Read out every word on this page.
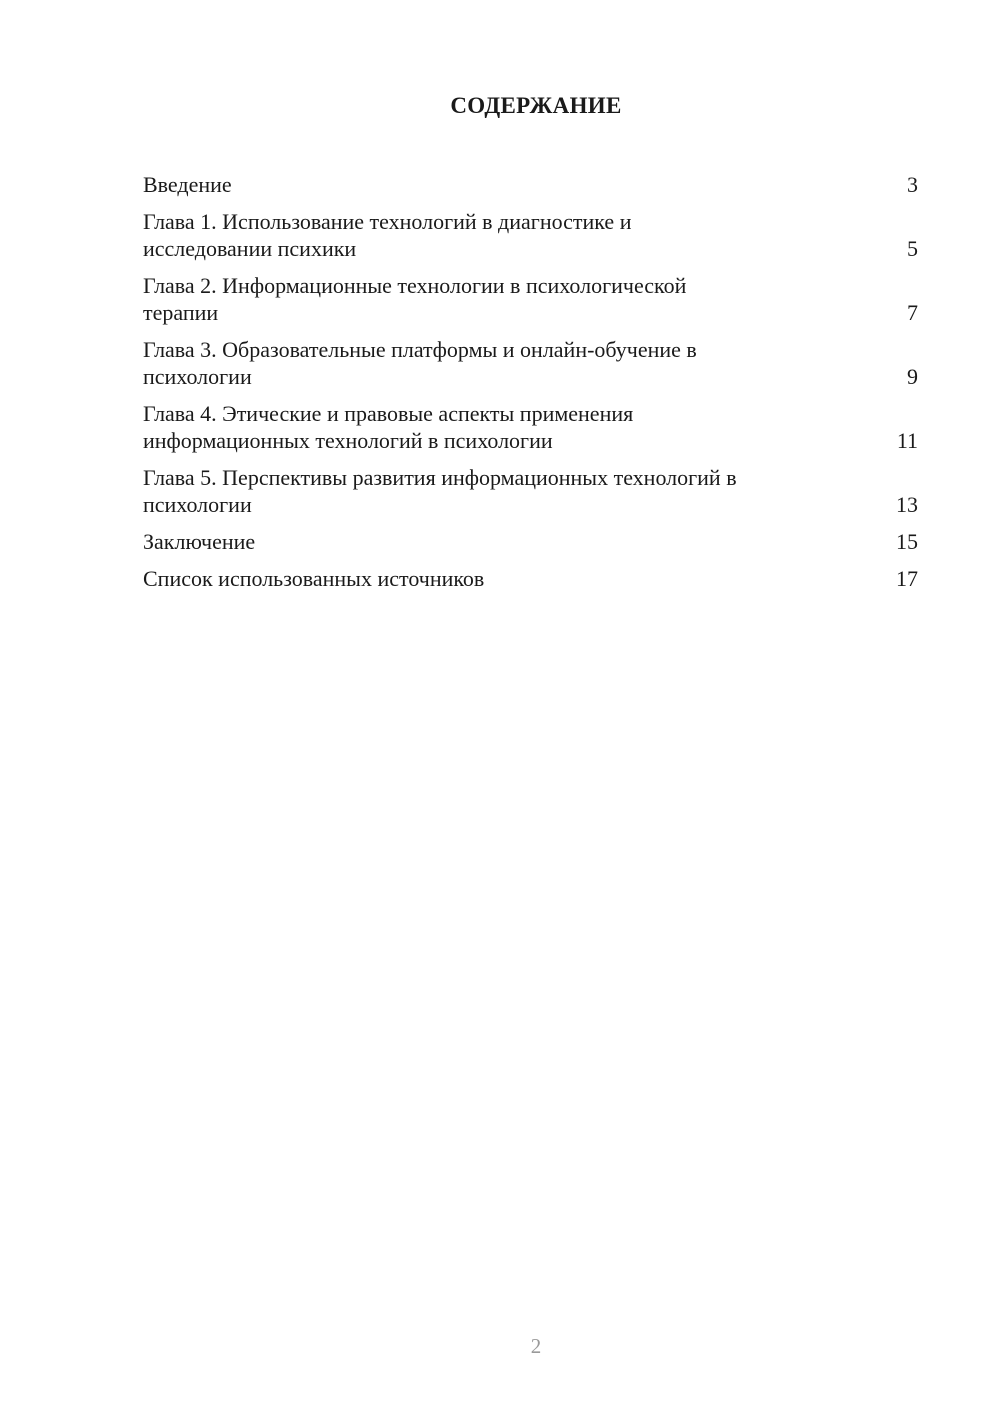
СОДЕРЖАНИЕ
Введение	3
Глава 1. Использование технологий в диагностике и
исследовании психики	5
Глава 2. Информационные технологии в психологической
терапии	7
Глава 3. Образовательные платформы и онлайн-обучение в
психологии	9
Глава 4. Этические и правовые аспекты применения
информационных технологий в психологии	11
Глава 5. Перспективы развития информационных технологий в
психологии	13
Заключение	15
Список использованных источников	17
2
